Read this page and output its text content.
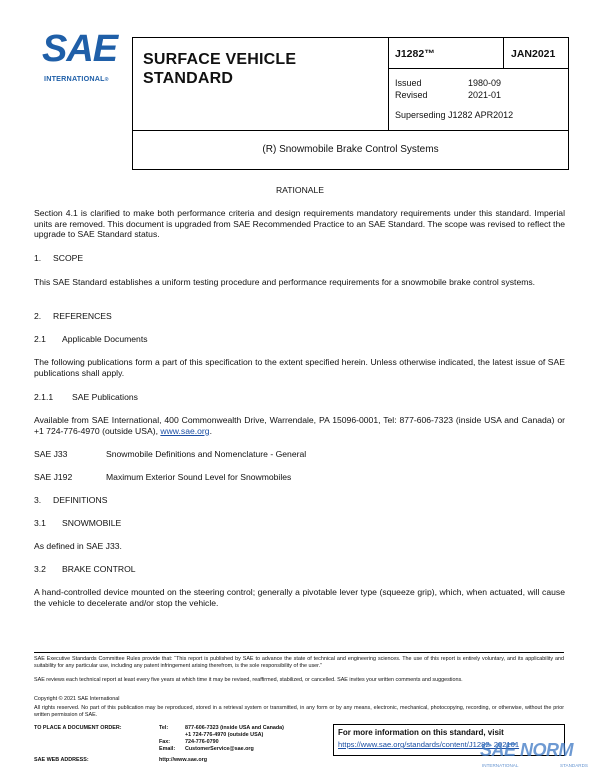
SAE
INTERNATIONAL®
SURFACE VEHICLE
STANDARD
J1282™	JAN2021
Issued	1980-09
Revised	2021-01
Superseding J1282 APR2012
(R) Snowmobile Brake Control Systems
RATIONALE
Section 4.1 is clarified to make both performance criteria and design requirements mandatory requirements under this standard. Imperial units are removed. This document is upgraded from SAE Recommended Practice to an SAE Standard. The scope was revised to reflect the upgrade to SAE Standard status.
1. SCOPE
This SAE Standard establishes a uniform testing procedure and performance requirements for a snowmobile brake control systems.
2. REFERENCES
2.1 Applicable Documents
The following publications form a part of this specification to the extent specified herein. Unless otherwise indicated, the latest issue of SAE publications shall apply.
2.1.1 SAE Publications
Available from SAE International, 400 Commonwealth Drive, Warrendale, PA 15096-0001, Tel: 877-606-7323 (inside USA and Canada) or +1 724-776-4970 (outside USA), www.sae.org.
SAE J33	Snowmobile Definitions and Nomenclature - General
SAE J192	Maximum Exterior Sound Level for Snowmobiles
3. DEFINITIONS
3.1 SNOWMOBILE
As defined in SAE J33.
3.2 BRAKE CONTROL
A hand-controlled device mounted on the steering control; generally a pivotable lever type (squeeze grip), which, when actuated, will cause the vehicle to decelerate and/or stop the vehicle.
SAE Executive Standards Committee Rules provide that: “This report is published by SAE to advance the state of technical and engineering sciences. The use of this report is entirely voluntary, and its applicability and suitability for any particular use, including any patent infringement arising therefrom, is the sole responsibility of the user.”
SAE reviews each technical report at least every five years at which time it may be revised, reaffirmed, stabilized, or cancelled. SAE invites your written comments and suggestions.
Copyright © 2021 SAE International
All rights reserved. No part of this publication may be reproduced, stored in a retrieval system or transmitted, in any form or by any means, electronic, mechanical, photocopying, recording, or otherwise, without the prior written permission of SAE.
TO PLACE A DOCUMENT ORDER:	Tel:	877-606-7323 (inside USA and Canada)
+1 724-776-4970 (outside USA)
Fax:	724-776-0790
Email: CustomerService@sae.org
SAE WEB ADDRESS:	http://www.sae.org
For more information on this standard, visit
https://www.sae.org/standards/content/J1282_202101
SAE NORM
INTERNATIONAL	STANDARDS
